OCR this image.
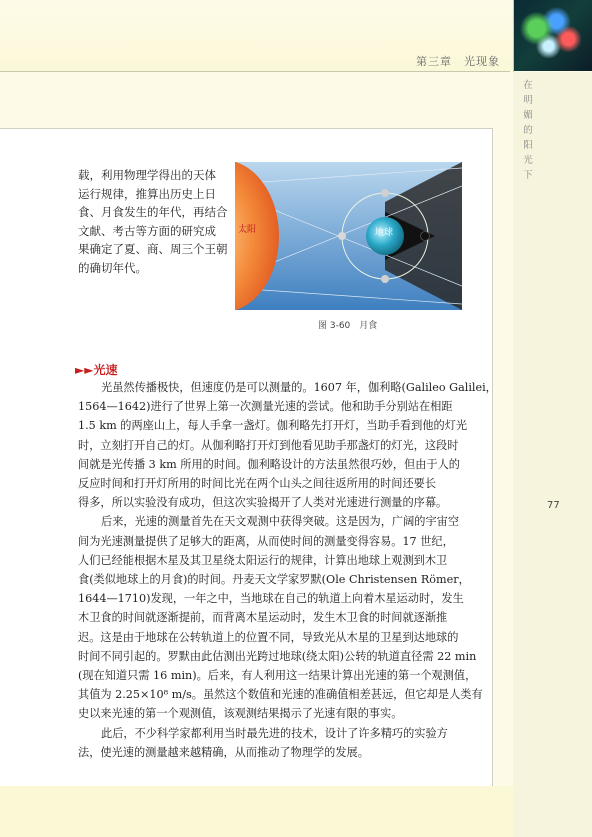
第三章　光现象
在
明
媚
的
阳
光
下
77
载，利用物理学得出的天体
运行规律，推算出历史上日
食、月食发生的年代，再结合
文献、考古等方面的研究成
果确定了夏、商、周三个王朝
的确切年代。
太阳	地球
图 3-60　月食
►►光速
光虽然传播极快，但速度仍是可以测量的。1607 年，伽利略(Galileo Galilei，
1564—1642)进行了世界上第一次测量光速的尝试。他和助手分别站在相距
1.5 km 的两座山上，每人手拿一盏灯。伽利略先打开灯，当助手看到他的灯光
时，立刻打开自己的灯。从伽利略打开灯到他看见助手那盏灯的灯光，这段时
间就是光传播 3 km 所用的时间。伽利略设计的方法虽然很巧妙，但由于人的
反应时间和打开灯所用的时间比光在两个山头之间往返所用的时间还要长
得多，所以实验没有成功，但这次实验揭开了人类对光速进行测量的序幕。
后来，光速的测量首先在天文观测中获得突破。这是因为，广阔的宇宙空
间为光速测量提供了足够大的距离，从而使时间的测量变得容易。17 世纪，
人们已经能根据木星及其卫星绕太阳运行的规律，计算出地球上观测到木卫
食(类似地球上的月食)的时间。丹麦天文学家罗默(Ole Christensen Römer，
1644—1710)发现，一年之中，当地球在自己的轨道上向着木星运动时，发生
木卫食的时间就逐渐提前，而背离木星运动时，发生木卫食的时间就逐渐推
迟。这是由于地球在公转轨道上的位置不同，导致光从木星的卫星到达地球的
时间不同引起的。罗默由此估测出光跨过地球(绕太阳)公转的轨道直径需 22 min
(现在知道只需 16 min)。后来，有人利用这一结果计算出光速的第一个观测值，
其值为 2.25×10⁸ m/s。虽然这个数值和光速的准确值相差甚远，但它却是人类有
史以来光速的第一个观测值，该观测结果揭示了光速有限的事实。
此后，不少科学家都利用当时最先进的技术，设计了许多精巧的实验方
法，使光速的测量越来越精确，从而推动了物理学的发展。
